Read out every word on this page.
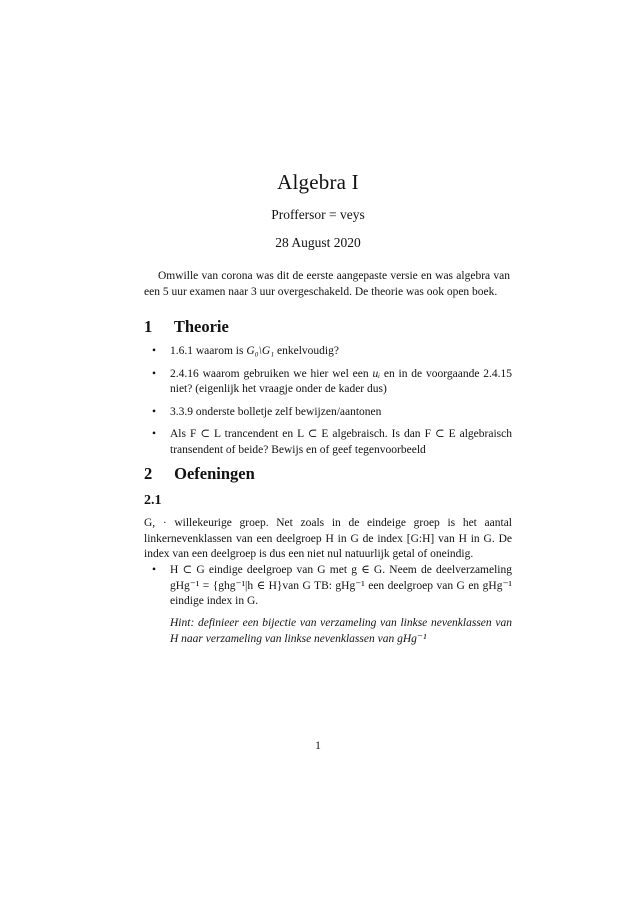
Algebra I
Proffersor = veys
28 August 2020
Omwille van corona was dit de eerste aangepaste versie en was algebra van een 5 uur examen naar 3 uur overgeschakeld. De theorie was ook open boek.
1 Theorie
• 1.6.1 waarom is G₀\G₁ enkelvoudig?
• 2.4.16 waarom gebruiken we hier wel een uᵢ en in de voorgaande 2.4.15 niet? (eigenlijk het vraagje onder de kader dus)
• 3.3.9 onderste bolletje zelf bewijzen/aantonen
• Als F ⊂ L trancendent en L ⊂ E algebraisch. Is dan F ⊂ E algebraisch transendent of beide? Bewijs en of geef tegenvoorbeeld
2 Oefeningen
2.1
G, · willekeurige groep. Net zoals in de eindeige groep is het aantal linkernevenklassen van een deelgroep H in G de index [G:H] van H in G. De index van een deelgroep is dus een niet nul natuurlijk getal of oneindig.
• H ⊂ G eindige deelgroep van G met g ∈ G. Neem de deelverzameling gHg⁻¹ = {ghg⁻¹|h ∈ H}van G TB: gHg⁻¹ een deelgroep van G en gHg⁻¹ eindige index in G.
Hint: definieer een bijectie van verzameling van linkse nevenklassen van H naar verzameling van linkse nevenklassen van gHg⁻¹
1
